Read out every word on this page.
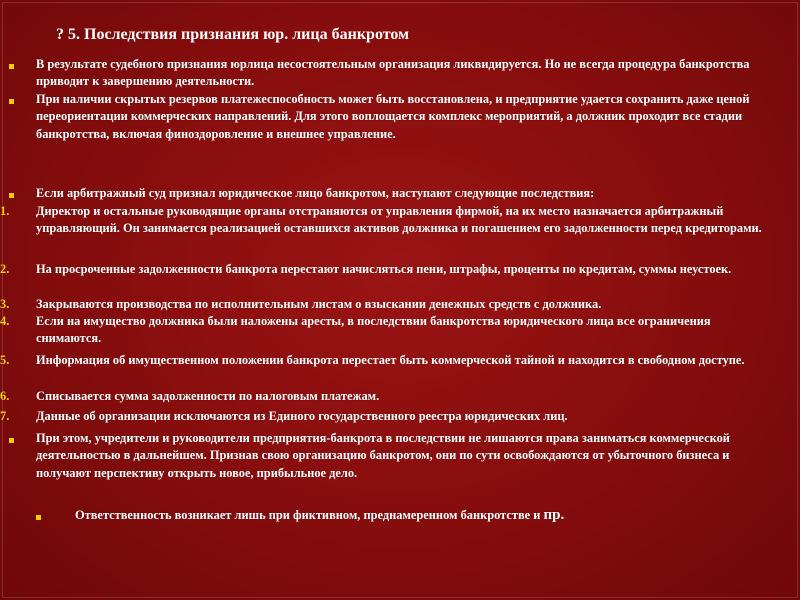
? 5. Последствия признания юр. лица банкротом
В результате судебного признания юрлица несостоятельным организация ликвидируется. Но не всегда процедура банкротства приводит к завершению деятельности.
При наличии скрытых резервов платежеспособность может быть восстановлена, и предприятие удается сохранить даже ценой переориентации коммерческих направлений. Для этого воплощается комплекс мероприятий, а должник проходит все стадии банкротства, включая финоздоровление и внешнее управление.
Если арбитражный суд признал юридическое лицо банкротом, наступают следующие последствия:
1. Директор и остальные руководящие органы отстраняются от управления фирмой, на их место назначается арбитражный управляющий. Он занимается реализацией оставшихся активов должника и погашением его задолженности перед кредиторами.
2. На просроченные задолженности банкрота перестают начисляться пени, штрафы, проценты по кредитам, суммы неустоек.
3. Закрываются производства по исполнительным листам о взыскании денежных средств с должника.
4. Если на имущество должника были наложены аресты, в последствии банкротства юридического лица все ограничения снимаются.
5. Информация об имущественном положении банкрота перестает быть коммерческой тайной и находится в свободном доступе.
6. Списывается сумма задолженности по налоговым платежам.
7. Данные об организации исключаются из Единого государственного реестра юридических лиц.
При этом, учредители и руководители предприятия-банкрота в последствии не лишаются права заниматься коммерческой деятельностью в дальнейшем. Признав свою организацию банкротом, они по сути освобождаются от убыточного бизнеса и получают перспективу открыть новое, прибыльное дело.
Ответственность возникает лишь при фиктивном, преднамеренном банкротстве и пр.
